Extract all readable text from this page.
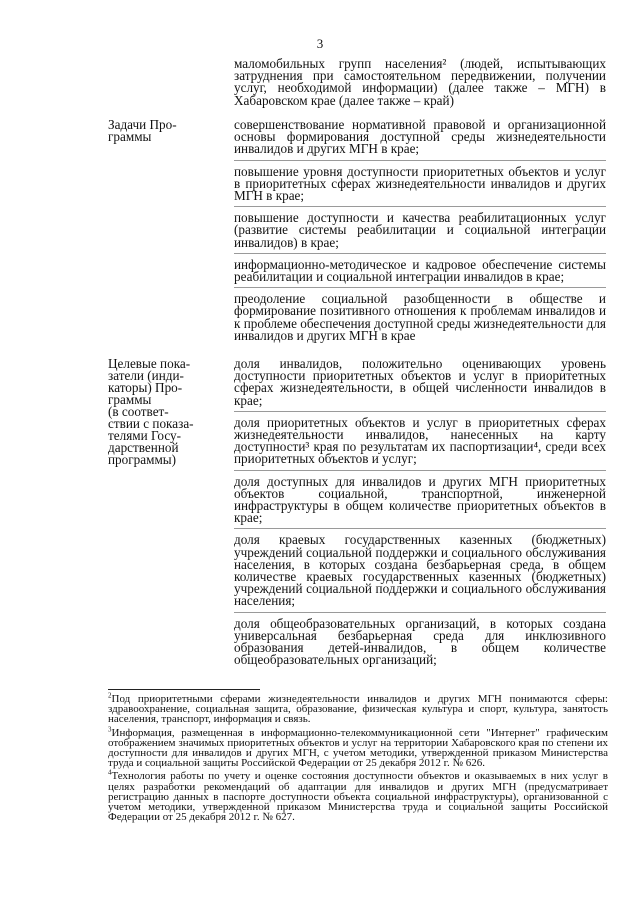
3

маломобильных групп населения² (людей, испытывающих затруднения при самостоятельном передвижении, получении услуг, необходимой информации) (далее также – МГН) в Хабаровском крае (далее также – край)

Задачи Про-
граммы

совершенствование нормативной правовой и организационной основы формирования доступной среды жизнедеятельности инвалидов и других МГН в крае;

повышение уровня доступности приоритетных объектов и услуг в приоритетных сферах жизнедеятельности инвалидов и других МГН в крае;

повышение доступности и качества реабилитационных услуг (развитие системы реабилитации и социальной интеграции инвалидов) в крае;

информационно-методическое и кадровое обеспечение системы реабилитации и социальной интеграции инвалидов в крае;

преодоление социальной разобщенности в обществе и формирование позитивного отношения к проблемам инвалидов и к проблеме обеспечения доступной среды жизнедеятельности для инвалидов и других МГН в крае

Целевые пока-
затели (инди-
каторы) Про-
граммы
(в соответ-
ствии с показа-
телями Госу-
дарственной
программы)

доля инвалидов, положительно оценивающих уровень доступности приоритетных объектов и услуг в приоритетных сферах жизнедеятельности, в общей численности инвалидов в крае;

доля приоритетных объектов и услуг в приоритетных сферах жизнедеятельности инвалидов, нанесенных на карту доступности³ края по результатам их паспортизации⁴, среди всех приоритетных объектов и услуг;

доля доступных для инвалидов и других МГН приоритетных объектов социальной, транспортной, инженерной инфраструктуры в общем количестве приоритетных объектов в крае;

доля краевых государственных казенных (бюджетных) учреждений социальной поддержки и социального обслуживания населения, в которых создана безбарьерная среда, в общем количестве краевых государственных казенных (бюджетных) учреждений социальной поддержки и социального обслуживания населения;

доля общеобразовательных организаций, в которых создана универсальная безбарьерная среда для инклюзивного образования детей-инвалидов, в общем количестве общеобразовательных организаций;

$^2$Под приоритетными сферами жизнедеятельности инвалидов и других МГН понимаются сферы: здравоохранение, социальная защита, образование, физическая культура и спорт, культура, занятость населения, транспорт, информация и связь.

$^3$Информация, размещенная в информационно-телекоммуникационной сети "Интернет" графическим отображением значимых приоритетных объектов и услуг на территории Хабаровского края по степени их доступности для инвалидов и других МГН, с учетом методики, утвержденной приказом Министерства труда и социальной защиты Российской Федерации от 25 декабря 2012 г. № 626.

$^4$Технология работы по учету и оценке состояния доступности объектов и оказываемых в них услуг в целях разработки рекомендаций об адаптации для инвалидов и других МГН (предусматривает регистрацию данных в паспорте доступности объекта социальной инфраструктуры), организованной с учетом методики, утвержденной приказом Министерства труда и социальной защиты Российской Федерации от 25 декабря 2012 г. № 627.
